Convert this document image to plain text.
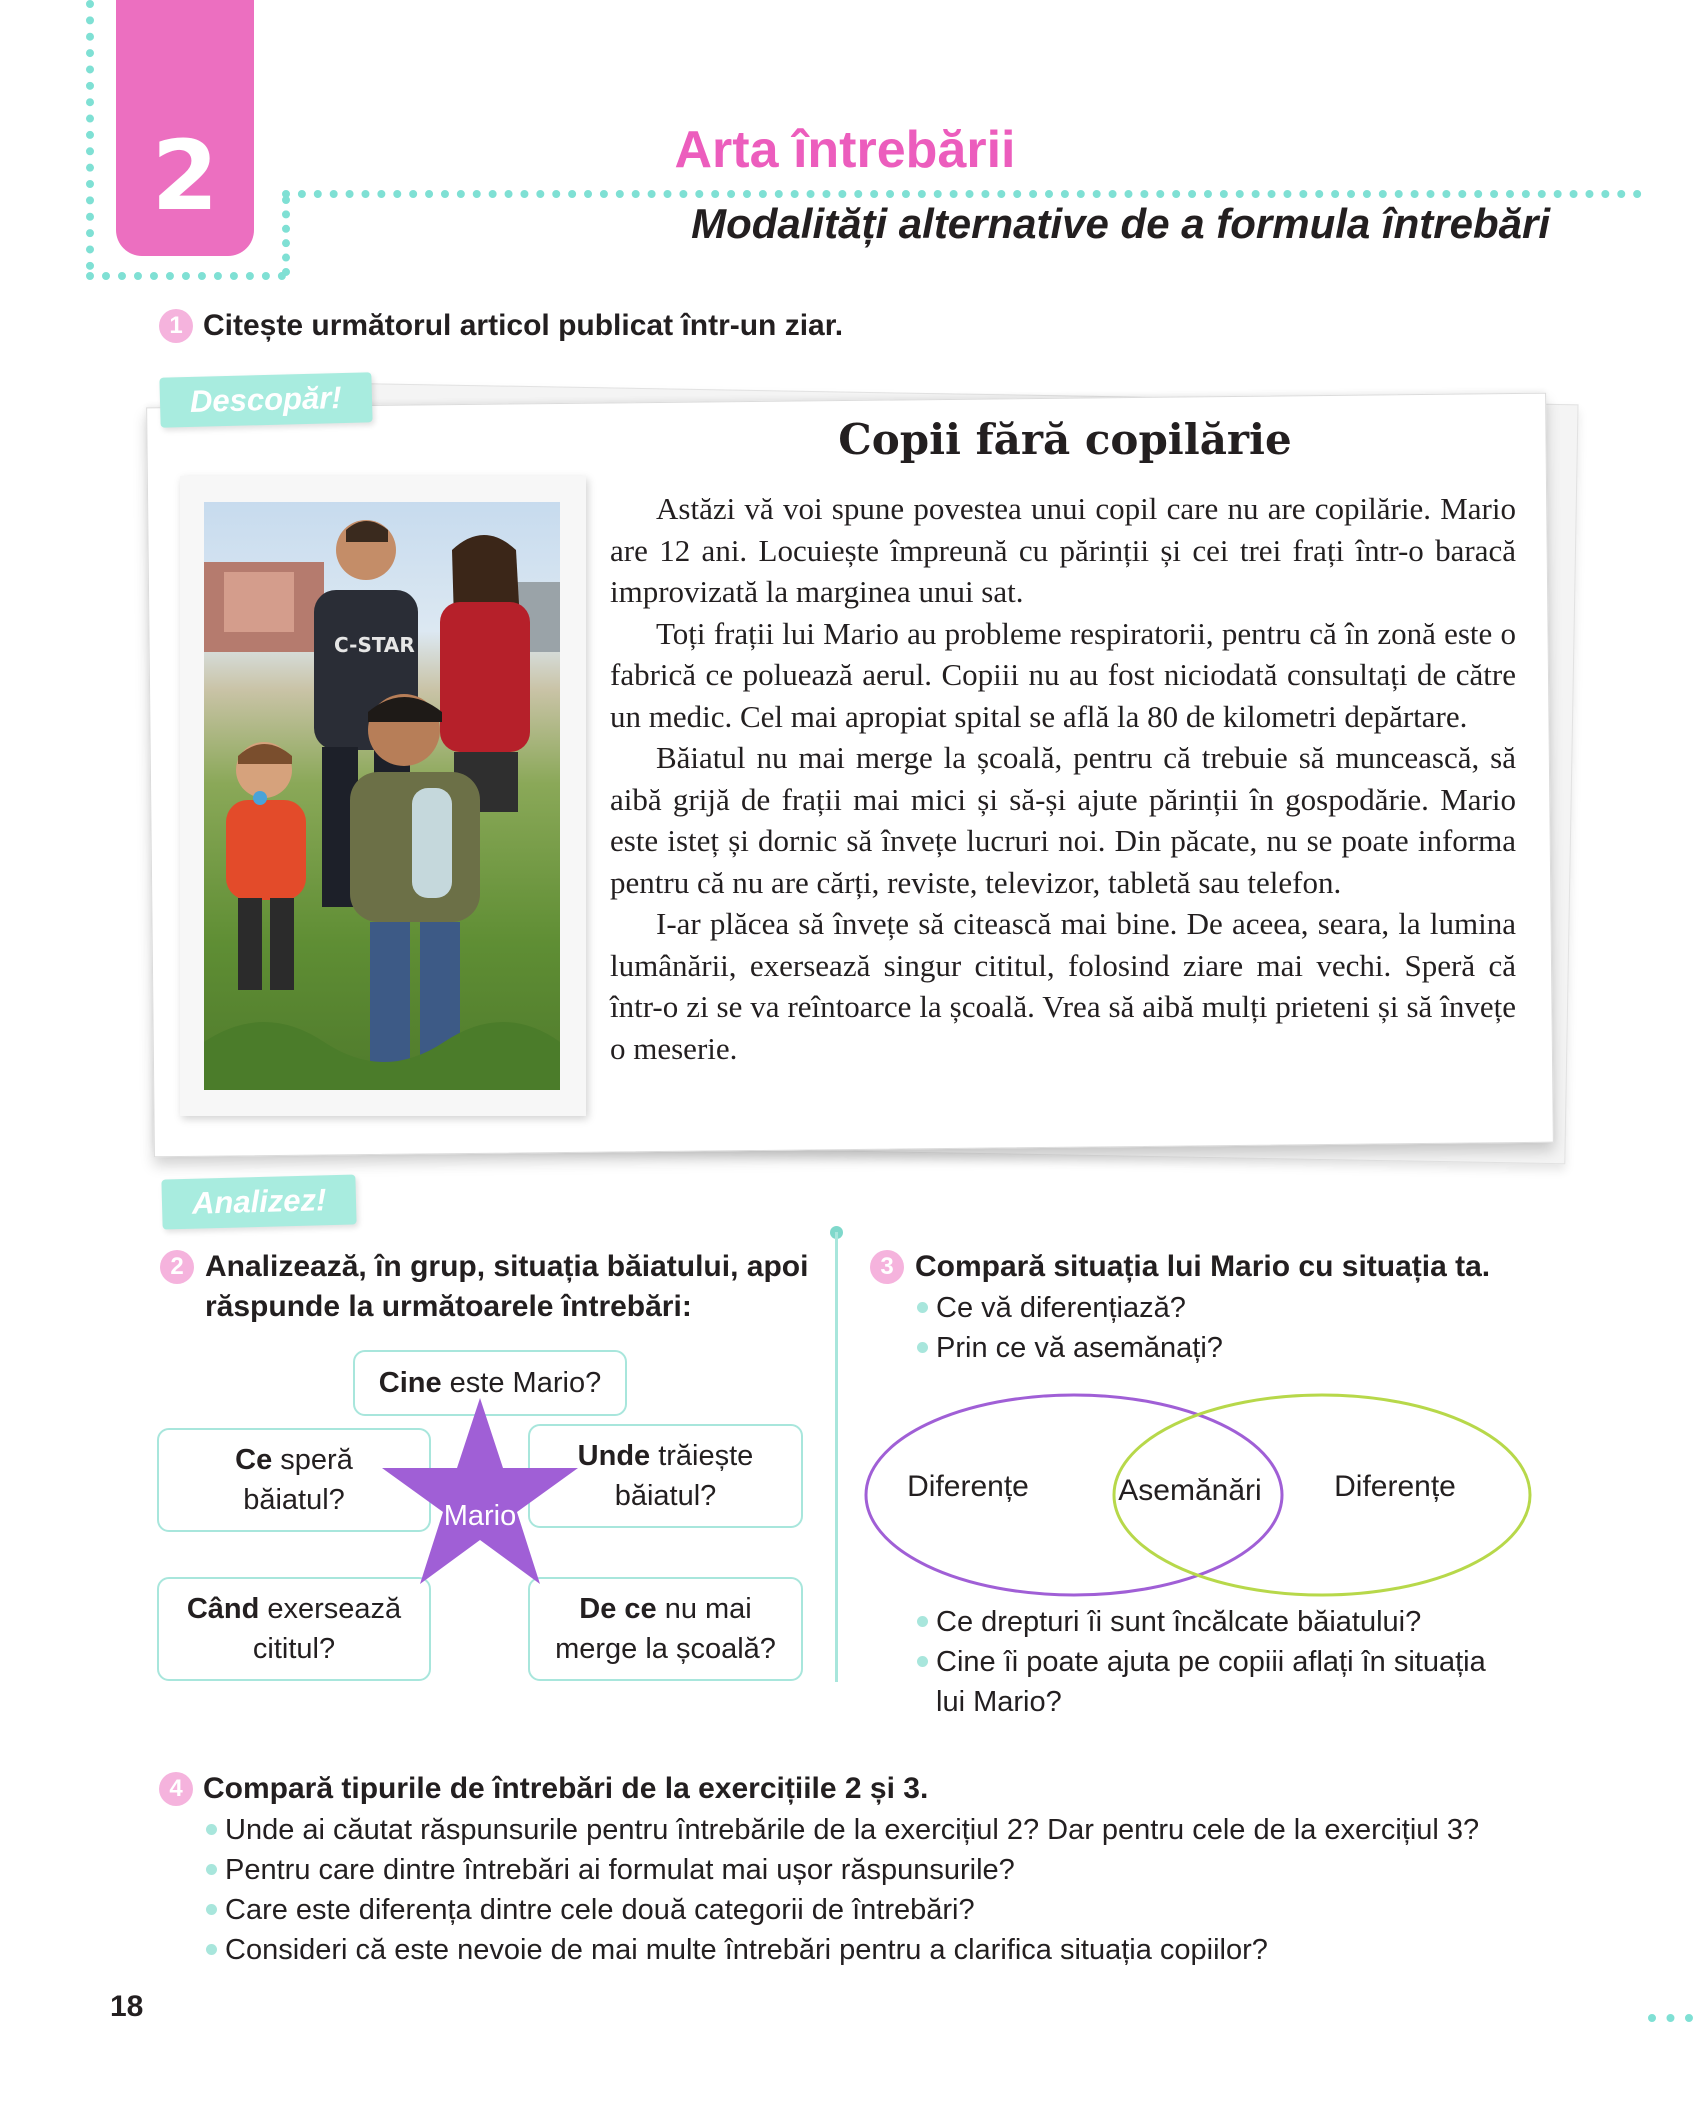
2	Arta întrebării
Modalități alternative de a formula întrebări
1 Citește următorul articol publicat într-un ziar.
Descopăr!
C-STAR
Copii fără copilărie

Astăzi vă voi spune povestea unui copil care nu are copilărie. Mario are 12 ani. Locuiește împreună cu părinții și cei trei frați într-o baracă improvizată la marginea unui sat.

Toți frații lui Mario au probleme respiratorii, pentru că în zonă este o fabrică ce poluează aerul. Copiii nu au fost niciodată consultați de către un medic. Cel mai apropiat spital se află la 80 de kilometri depărtare.

Băiatul nu mai merge la școală, pentru că trebuie să muncească, să aibă grijă de frații mai mici și să-și ajute părinții în gospodărie. Mario este isteț și dornic să învețe lucruri noi. Din păcate, nu se poate informa pentru că nu are cărți, reviste, televizor, tabletă sau telefon.

I-ar plăcea să învețe să citească mai bine. De aceea, seara, la lumina lumânării, exersează singur cititul, folosind ziare mai vechi. Speră că într-o zi se va reîntoarce la școală. Vrea să aibă mulți prieteni și să învețe o meserie.

Analizez!
2 Analizează, în grup, situația băiatului, apoi
răspunde la următoarele întrebări:
Cine este Mario?
Ce speră
băiatul?
Unde trăiește
băiatul?
Când exersează
cititul?
De ce nu mai
merge la școală?
Mario
3 Compară situația lui Mario cu situația ta.
Ce vă diferențiază?
Prin ce vă asemănați?
Diferențe	Asemănări	Diferențe
Ce drepturi îi sunt încălcate băiatului?
Cine îi poate ajuta pe copiii aflați în situația
lui Mario?
4 Compară tipurile de întrebări de la exercițiile 2 și 3.
Unde ai căutat răspunsurile pentru întrebările de la exercițiul 2? Dar pentru cele de la exercițiul 3?
Pentru care dintre întrebări ai formulat mai ușor răspunsurile?
Care este diferența dintre cele două categorii de întrebări?
Consideri că este nevoie de mai multe întrebări pentru a clarifica situația copiilor?
18
